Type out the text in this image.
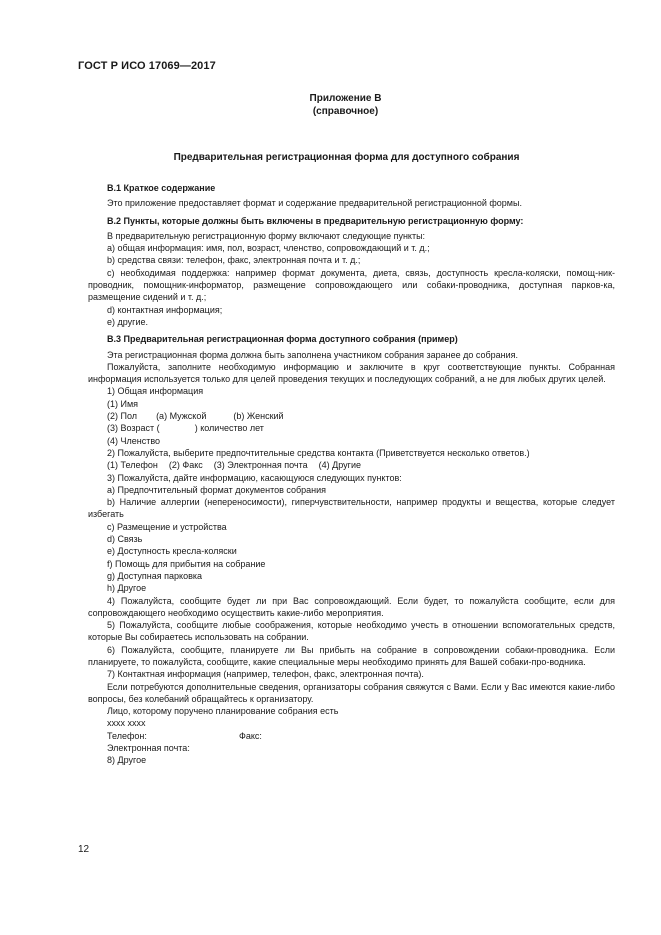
ГОСТ Р ИСО 17069—2017
Приложение В
(справочное)
Предварительная регистрационная форма для доступного собрания

В.1 Краткое содержание

Это приложение предоставляет формат и содержание предварительной регистрационной формы.

В.2 Пункты, которые должны быть включены в предварительную регистрационную форму:

В предварительную регистрационную форму включают следующие пункты:

а) общая информация: имя, пол, возраст, членство, сопровождающий и т. д.;

b) средства связи: телефон, факс, электронная почта и т. д.;

с) необходимая поддержка: например формат документа, диета, связь, доступность кресла-коляски, помощ-ник-проводник, помощник-информатор, размещение сопровождающего или собаки-проводника, доступная парков-ка, размещение сидений и т. д.;

d) контактная информация;

е) другие.

В.3 Предварительная регистрационная форма доступного собрания (пример)

Эта регистрационная форма должна быть заполнена участником собрания заранее до собрания.

Пожалуйста, заполните необходимую информацию и заключите в круг соответствующие пункты. Собранная информация используется только для целей проведения текущих и последующих собраний, а не для любых других целей.

1) Общая информация
(1) Имя
(2) Пол (а) Мужской	(b) Женский
(3) Возраст (	) количество лет
(4) Членство
2) Пожалуйста, выберите предпочтительные средства контакта (Приветствуется несколько ответов.)
(1) Телефон (2) Факс (3) Электронная почта (4) Другие
3) Пожалуйста, дайте информацию, касающуюся следующих пунктов:
а) Предпочтительный формат документов собрания

b) Наличие аллергии (непереносимости), гиперчувствительности, например продукты и вещества, которые следует избегать

с) Размещение и устройства
d) Связь
е) Доступность кресла-коляски
f) Помощь для прибытия на собрание
g) Доступная парковка
h) Другое

4) Пожалуйста, сообщите будет ли при Вас сопровождающий. Если будет, то пожалуйста сообщите, если для сопровождающего необходимо осуществить какие-либо мероприятия.

5) Пожалуйста, сообщите любые соображения, которые необходимо учесть в отношении вспомогательных средств, которые Вы собираетесь использовать на собрании.

6) Пожалуйста, сообщите, планируете ли Вы прибыть на собрание в сопровождении собаки-проводника. Если планируете, то пожалуйста, сообщите, какие специальные меры необходимо принять для Вашей собаки-про-водника.

7) Контактная информация (например, телефон, факс, электронная почта).

Если потребуются дополнительные сведения, организаторы собрания свяжутся с Вами. Если у Вас имеются какие-либо вопросы, без колебаний обращайтесь к организатору.

Лицо, которому поручено планирование собрания есть
хххх хххх
Телефон:	Факс:
Электронная почта:
8) Другое
12
